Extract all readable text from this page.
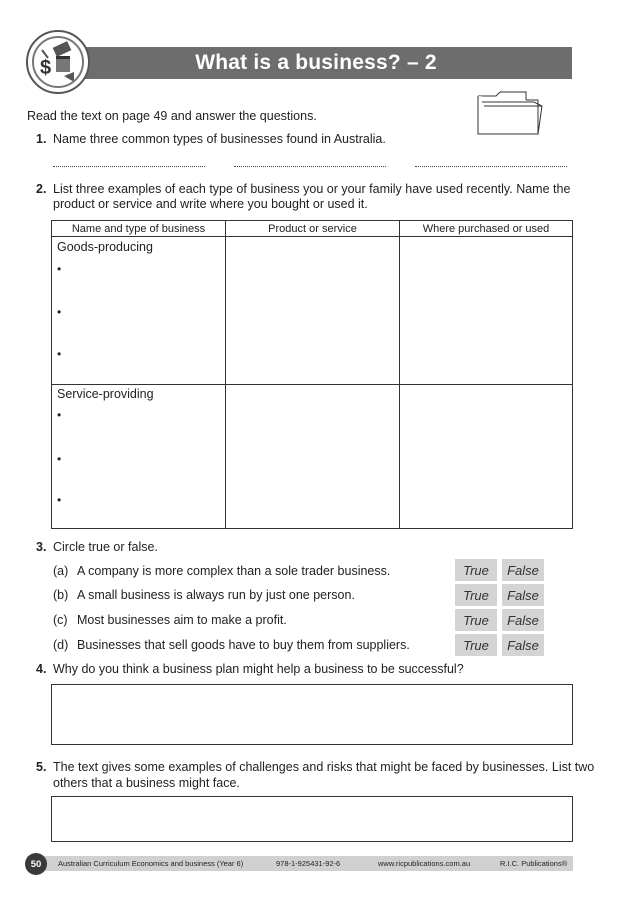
What is a business? – 2
$
Read the text on page 49 and answer the questions.
1. Name three common types of businesses found in Australia.
2. List three examples of each type of business you or your family have used recently. Name the
product or service and write where you bought or used it.
Name and type of business	Product or service	Where purchased or used
Goods-producing
•
•
•
Service-providing
•
•
•
3. Circle true or false.
(a) A company is more complex than a sole trader business.	True	False
(b) A small business is always run by just one person.	True	False
(c) Most businesses aim to make a profit.	True	False
(d) Businesses that sell goods have to buy them from suppliers.	True	False
4. Why do you think a business plan might help a business to be successful?
5. The text gives some examples of challenges and risks that might be faced by businesses. List two
others that a business might face.
50	Australian Curriculum Economics and business (Year 6)	978-1-925431-92-6	www.ricpublications.com.au	R.I.C. Publications®
